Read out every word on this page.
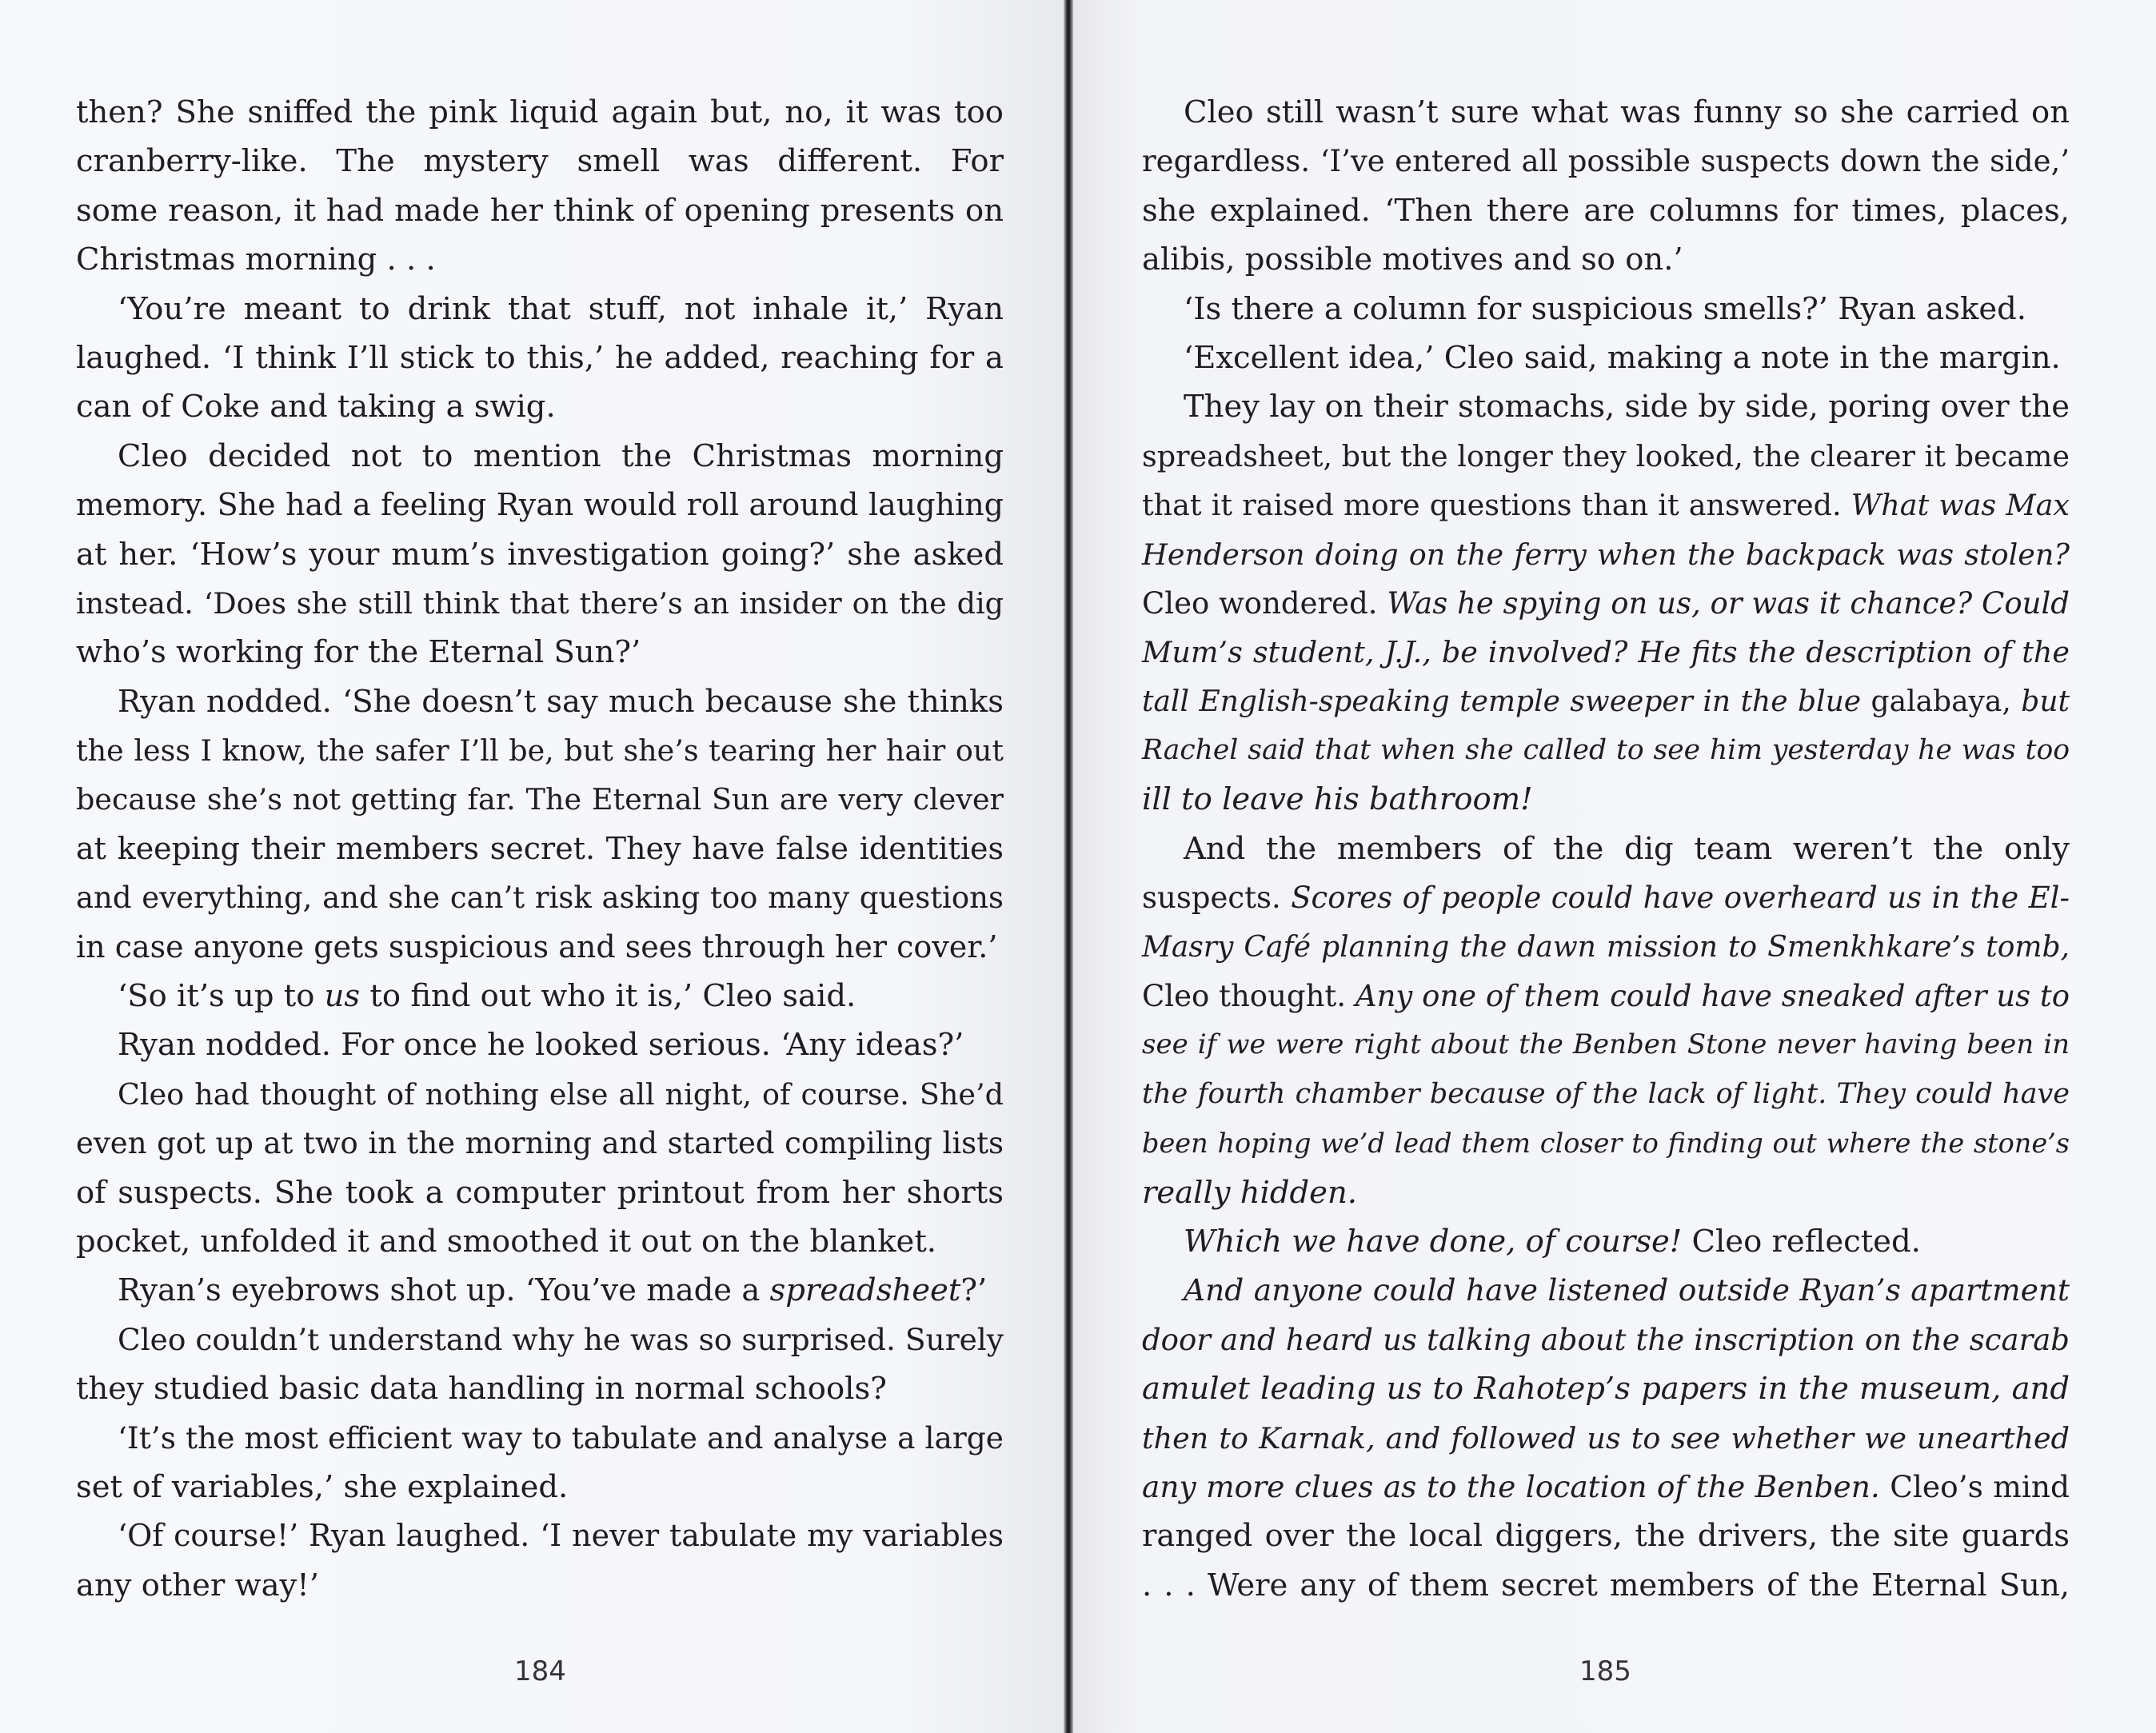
then? She sniffed the pink liquid again but, no, it was too
cranberry-like. The mystery smell was different. For
some reason, it had made her think of opening presents on
Christmas morning . . .
‘You’re meant to drink that stuff, not inhale it,’ Ryan
laughed. ‘I think I’ll stick to this,’ he added, reaching for a
can of Coke and taking a swig.
Cleo decided not to mention the Christmas morning
memory. She had a feeling Ryan would roll around laughing
at her. ‘How’s your mum’s investigation going?’ she asked
instead. ‘Does she still think that there’s an insider on the dig
who’s working for the Eternal Sun?’
Ryan nodded. ‘She doesn’t say much because she thinks
the less I know, the safer I’ll be, but she’s tearing her hair out
because she’s not getting far. The Eternal Sun are very clever
at keeping their members secret. They have false identities
and everything, and she can’t risk asking too many questions
in case anyone gets suspicious and sees through her cover.’
‘So it’s up to us to find out who it is,’ Cleo said.
Ryan nodded. For once he looked serious. ‘Any ideas?’
Cleo had thought of nothing else all night, of course. She’d
even got up at two in the morning and started compiling lists
of suspects. She took a computer printout from her shorts
pocket, unfolded it and smoothed it out on the blanket.
Ryan’s eyebrows shot up. ‘You’ve made a spreadsheet?’
Cleo couldn’t understand why he was so surprised. Surely
they studied basic data handling in normal schools?
‘It’s the most efficient way to tabulate and analyse a large
set of variables,’ she explained.
‘Of course!’ Ryan laughed. ‘I never tabulate my variables
any other way!’
184
Cleo still wasn’t sure what was funny so she carried on
regardless. ‘I’ve entered all possible suspects down the side,’
she explained. ‘Then there are columns for times, places,
alibis, possible motives and so on.’
‘Is there a column for suspicious smells?’ Ryan asked.
‘Excellent idea,’ Cleo said, making a note in the margin.
They lay on their stomachs, side by side, poring over the
spreadsheet, but the longer they looked, the clearer it became
that it raised more questions than it answered. What was Max
Henderson doing on the ferry when the backpack was stolen?
Cleo wondered. Was he spying on us, or was it chance? Could
Mum’s student, J.J., be involved? He fits the description of the
tall English-speaking temple sweeper in the blue galabaya, but
Rachel said that when she called to see him yesterday he was too
ill to leave his bathroom!
And the members of the dig team weren’t the only
suspects. Scores of people could have overheard us in the El-
Masry Café planning the dawn mission to Smenkhkare’s tomb,
Cleo thought. Any one of them could have sneaked after us to
see if we were right about the Benben Stone never having been in
the fourth chamber because of the lack of light. They could have
been hoping we’d lead them closer to finding out where the stone’s
really hidden.
Which we have done, of course! Cleo reflected.
And anyone could have listened outside Ryan’s apartment
door and heard us talking about the inscription on the scarab
amulet leading us to Rahotep’s papers in the museum, and
then to Karnak, and followed us to see whether we unearthed
any more clues as to the location of the Benben. Cleo’s mind
ranged over the local diggers, the drivers, the site guards
. . . Were any of them secret members of the Eternal Sun,
185
